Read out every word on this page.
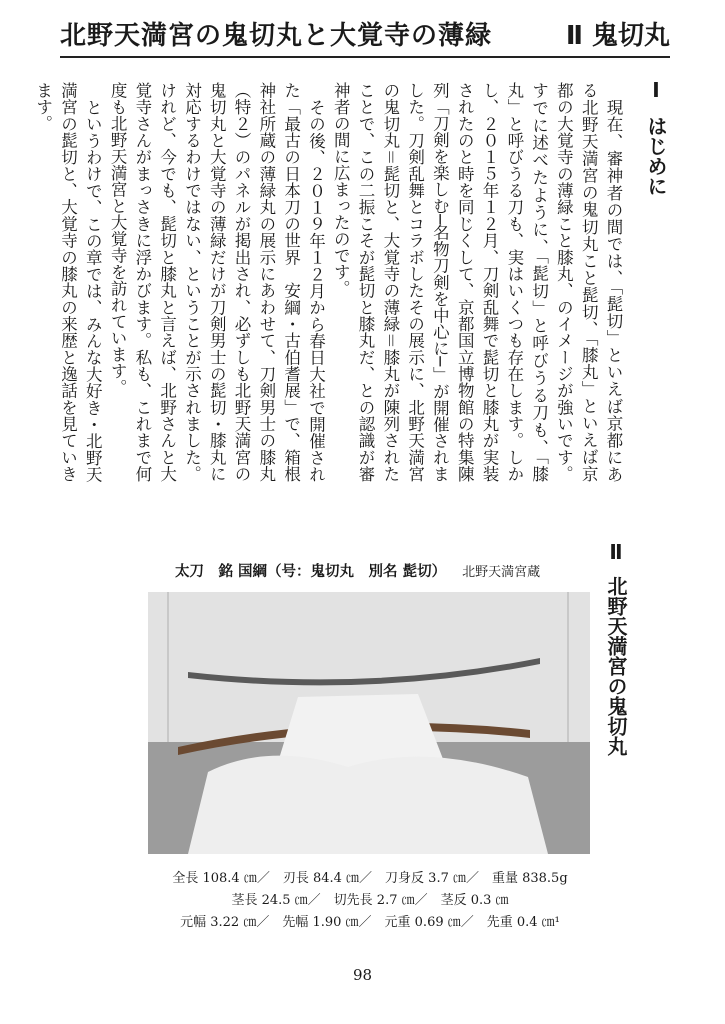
北野天満宮の鬼切丸と大覚寺の薄緑	Ⅱ 鬼切丸
Ⅰはじめに

現在、審神者の間では、「髭切」といえば京都にある北野天満宮の鬼切丸こと髭切、「膝丸」といえば京都の大覚寺の薄緑こと膝丸、のイメージが強いです。すでに述べたように、「髭切」と呼びうる刀も、「膝丸」と呼びうる刀も、実はいくつも存在します。しかし、２０１５年１２月、刀剣乱舞で髭切と膝丸が実装されたのと時を同じくして、京都国立博物館の特集陳列「刀剣を楽しむ─名物刀剣を中心に─」が開催されました。刀剣乱舞とコラボしたその展示に、北野天満宮の鬼切丸＝髭切と、大覚寺の薄緑＝膝丸が陳列されたことで、この二振こそが髭切と膝丸だ、との認識が審神者の間に広まったのです。

その後、２０１９年１２月から春日大社で開催された「最古の日本刀の世界　安綱・古伯耆展」で、箱根神社所蔵の薄緑丸の展示にあわせて、刀剣男士の膝丸（特２）のパネルが掲出され、必ずしも北野天満宮の鬼切丸と大覚寺の薄緑だけが刀剣男士の髭切・膝丸に対応するわけではない、ということが示されました。けれど、今でも、髭切と膝丸と言えば、北野さんと大覚寺さんがまっさきに浮かびます。私も、これまで何度も北野天満宮と大覚寺を訪れています。

というわけで、この章では、みんな大好き・北野天満宮の髭切と、大覚寺の膝丸の来歴と逸話を見ていきます。

Ⅱ北野天満宮の鬼切丸
太刀　銘 国綱（号：鬼切丸　別名 髭切） 北野天満宮蔵
全長 108.4 ㎝／　刃長 84.4 ㎝／　刀身反 3.7 ㎝／　重量 838.5g
茎長 24.5 ㎝／　切先長 2.7 ㎝／　茎反 0.3 ㎝
元幅 3.22 ㎝／　先幅 1.90 ㎝／　元重 0.69 ㎝／　先重 0.4 ㎝¹
98
